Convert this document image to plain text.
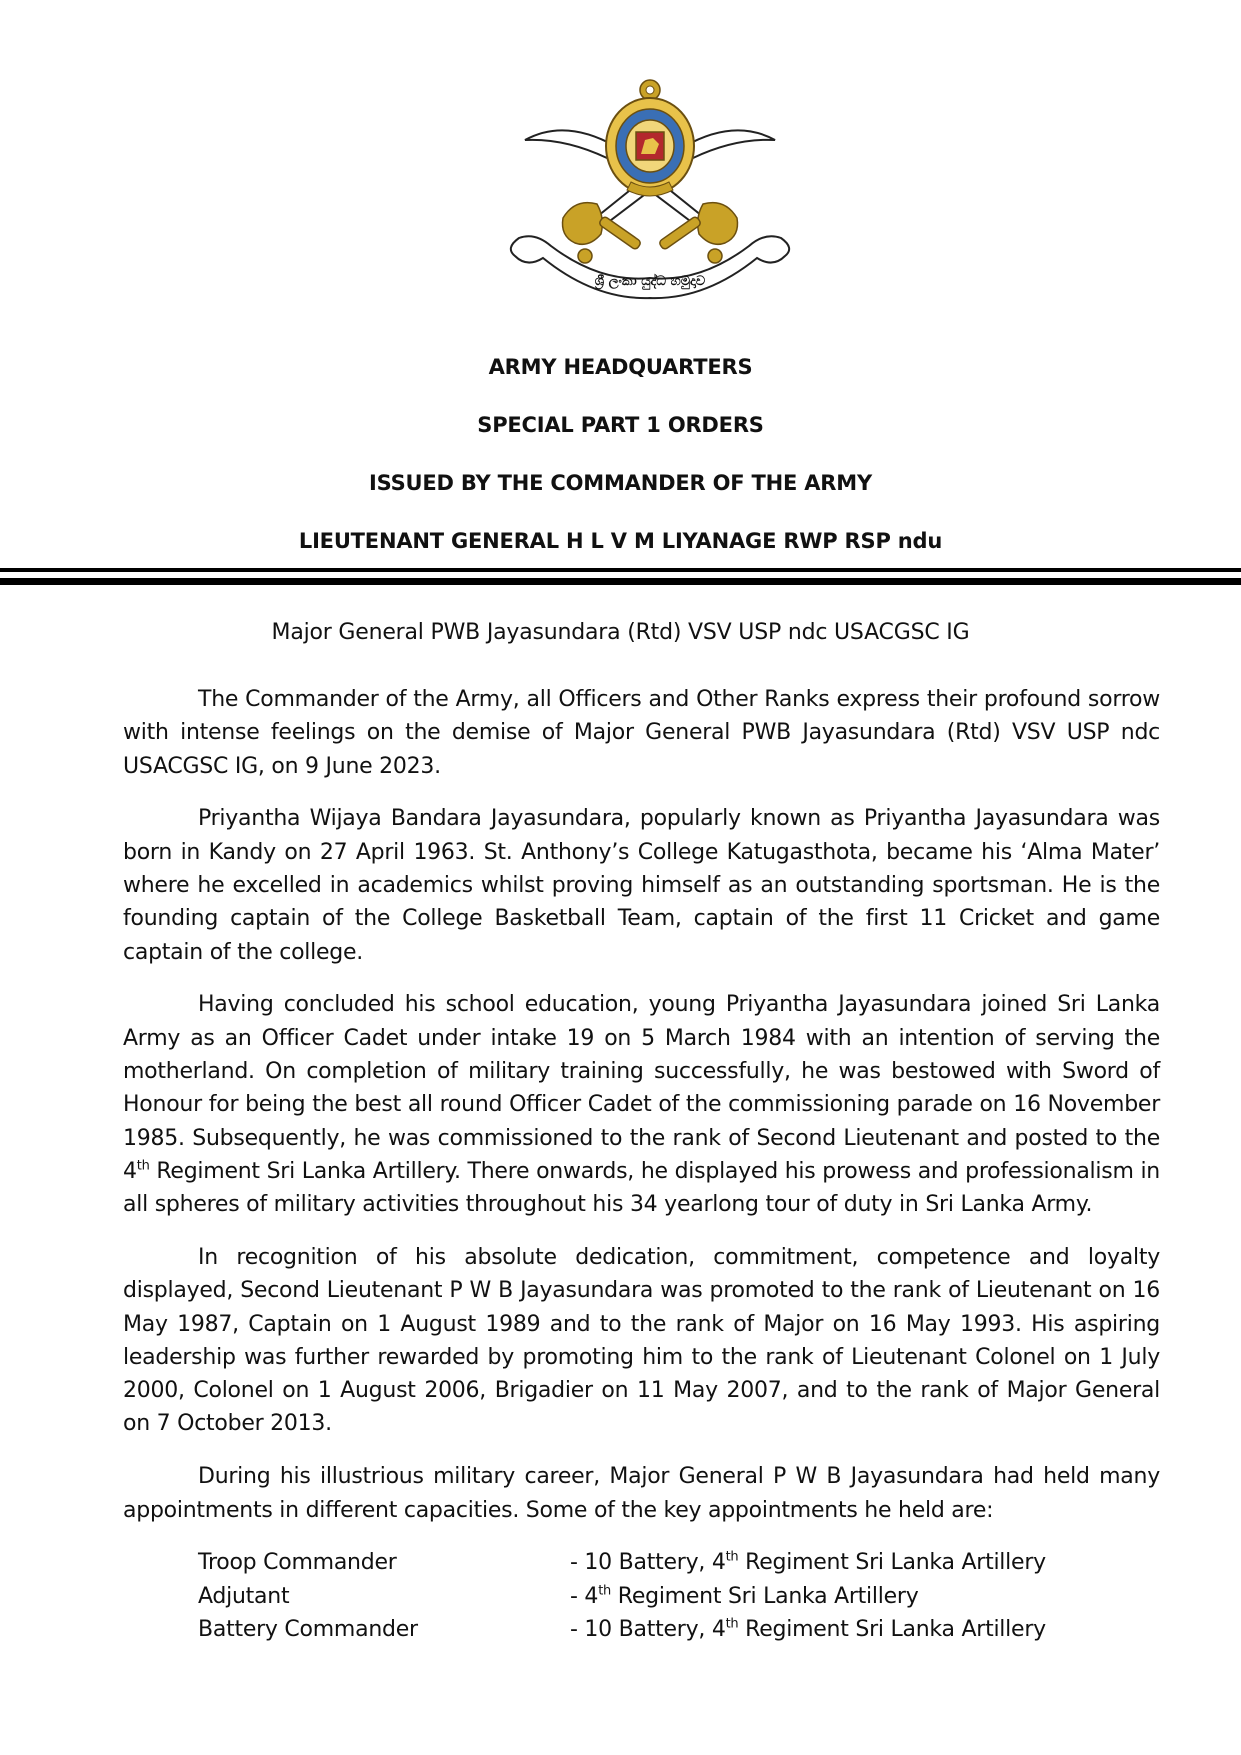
ශ්‍රී ලංකා යුද්ධ හමුදාව

ARMY HEADQUARTERS

SPECIAL PART 1 ORDERS

ISSUED BY THE COMMANDER OF THE ARMY

LIEUTENANT GENERAL H L V M LIYANAGE RWP RSP ndu

Major General PWB Jayasundara (Rtd) VSV USP ndc USACGSC IG

The Commander of the Army, all Officers and Other Ranks express their profound sorrow with intense feelings on the demise of Major General PWB Jayasundara (Rtd) VSV USP ndc USACGSC IG, on 9 June 2023.

Priyantha Wijaya Bandara Jayasundara, popularly known as Priyantha Jayasundara was born in Kandy on 27 April 1963. St. Anthony’s College Katugasthota, became his ‘Alma Mater’ where he excelled in academics whilst proving himself as an outstanding sportsman. He is the founding captain of the College Basketball Team, captain of the first 11 Cricket and game captain of the college.

Having concluded his school education, young Priyantha Jayasundara joined Sri Lanka Army as an Officer Cadet under intake 19 on 5 March 1984 with an intention of serving the motherland. On completion of military training successfully, he was bestowed with Sword of Honour for being the best all round Officer Cadet of the commissioning parade on 16 November 1985. Subsequently, he was commissioned to the rank of Second Lieutenant and posted to the 4th Regiment Sri Lanka Artillery. There onwards, he displayed his prowess and professionalism in all spheres of military activities throughout his 34 yearlong tour of duty in Sri Lanka Army.

In recognition of his absolute dedication, commitment, competence and loyalty displayed, Second Lieutenant P W B Jayasundara was promoted to the rank of Lieutenant on 16 May 1987, Captain on 1 August 1989 and to the rank of Major on 16 May 1993. His aspiring leadership was further rewarded by promoting him to the rank of Lieutenant Colonel on 1 July 2000, Colonel on 1 August 2006, Brigadier on 11 May 2007, and to the rank of Major General on 7 October 2013.

During his illustrious military career, Major General P W B Jayasundara had held many appointments in different capacities. Some of the key appointments he held are:

Troop Commander	- 10 Battery, 4th Regiment Sri Lanka Artillery
Adjutant	- 4th Regiment Sri Lanka Artillery
Battery Commander	- 10 Battery, 4th Regiment Sri Lanka Artillery
